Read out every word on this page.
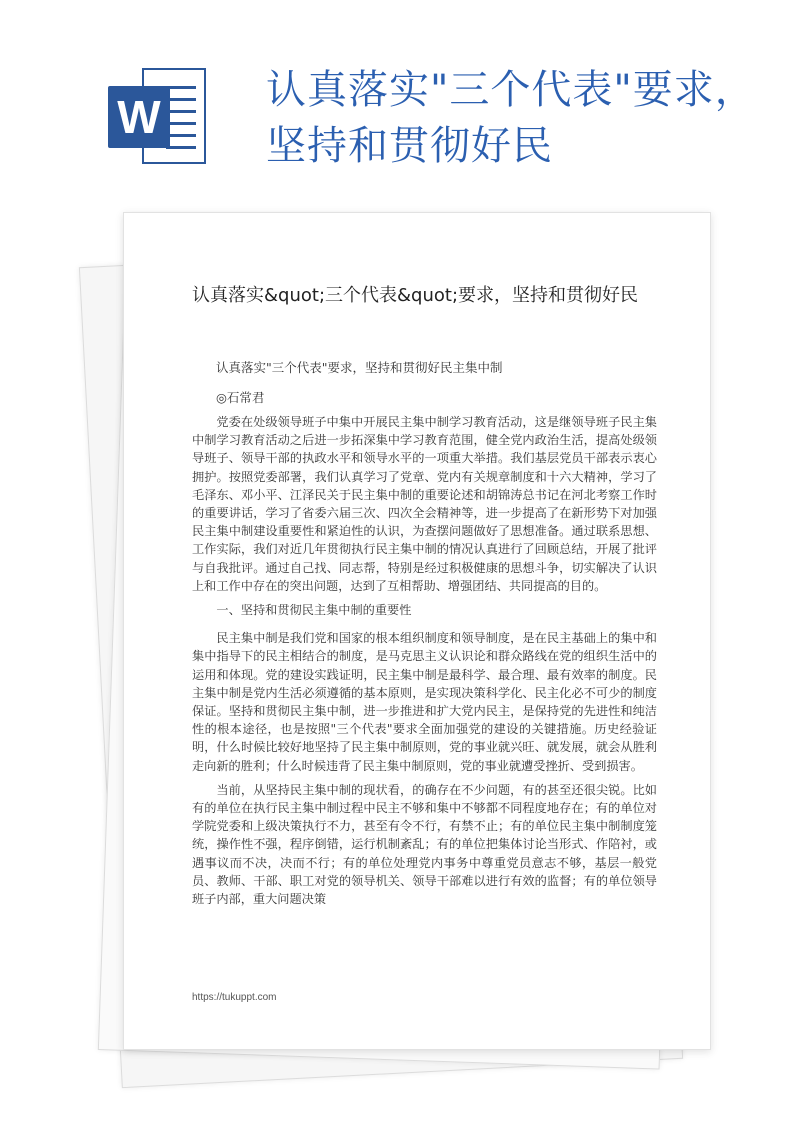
W
认真落实"三个代表"要求，坚持和贯彻好民
认真落实&quot;三个代表&quot;要求，坚持和贯彻好民
认真落实"三个代表"要求，坚持和贯彻好民主集中制
◎石常君

党委在处级领导班子中集中开展民主集中制学习教育活动，这是继领导班子民主集中制学习教育活动之后进一步拓深集中学习教育范围，健全党内政治生活，提高处级领导班子、领导干部的执政水平和领导水平的一项重大举措。我们基层党员干部表示衷心拥护。按照党委部署，我们认真学习了党章、党内有关规章制度和十六大精神，学习了毛泽东、邓小平、江泽民关于民主集中制的重要论述和胡锦涛总书记在河北考察工作时的重要讲话，学习了省委六届三次、四次全会精神等，进一步提高了在新形势下对加强民主集中制建设重要性和紧迫性的认识，为查摆问题做好了思想准备。通过联系思想、工作实际，我们对近几年贯彻执行民主集中制的情况认真进行了回顾总结，开展了批评与自我批评。通过自己找、同志帮，特别是经过积极健康的思想斗争，切实解决了认识上和工作中存在的突出问题，达到了互相帮助、增强团结、共同提高的目的。

一、坚持和贯彻民主集中制的重要性

民主集中制是我们党和国家的根本组织制度和领导制度，是在民主基础上的集中和集中指导下的民主相结合的制度，是马克思主义认识论和群众路线在党的组织生活中的运用和体现。党的建设实践证明，民主集中制是最科学、最合理、最有效率的制度。民主集中制是党内生活必须遵循的基本原则，是实现决策科学化、民主化必不可少的制度保证。坚持和贯彻民主集中制，进一步推进和扩大党内民主，是保持党的先进性和纯洁性的根本途径，也是按照"三个代表"要求全面加强党的建设的关键措施。历史经验证明，什么时候比较好地坚持了民主集中制原则，党的事业就兴旺、就发展，就会从胜利走向新的胜利；什么时候违背了民主集中制原则，党的事业就遭受挫折、受到损害。

当前，从坚持民主集中制的现状看，的确存在不少问题，有的甚至还很尖锐。比如有的单位在执行民主集中制过程中民主不够和集中不够都不同程度地存在；有的单位对学院党委和上级决策执行不力，甚至有令不行，有禁不止；有的单位民主集中制制度笼统，操作性不强，程序倒错，运行机制紊乱；有的单位把集体讨论当形式、作陪衬，或遇事议而不决，决而不行；有的单位处理党内事务中尊重党员意志不够，基层一般党员、教师、干部、职工对党的领导机关、领导干部难以进行有效的监督；有的单位领导班子内部，重大问题决策

https://tukuppt.com
